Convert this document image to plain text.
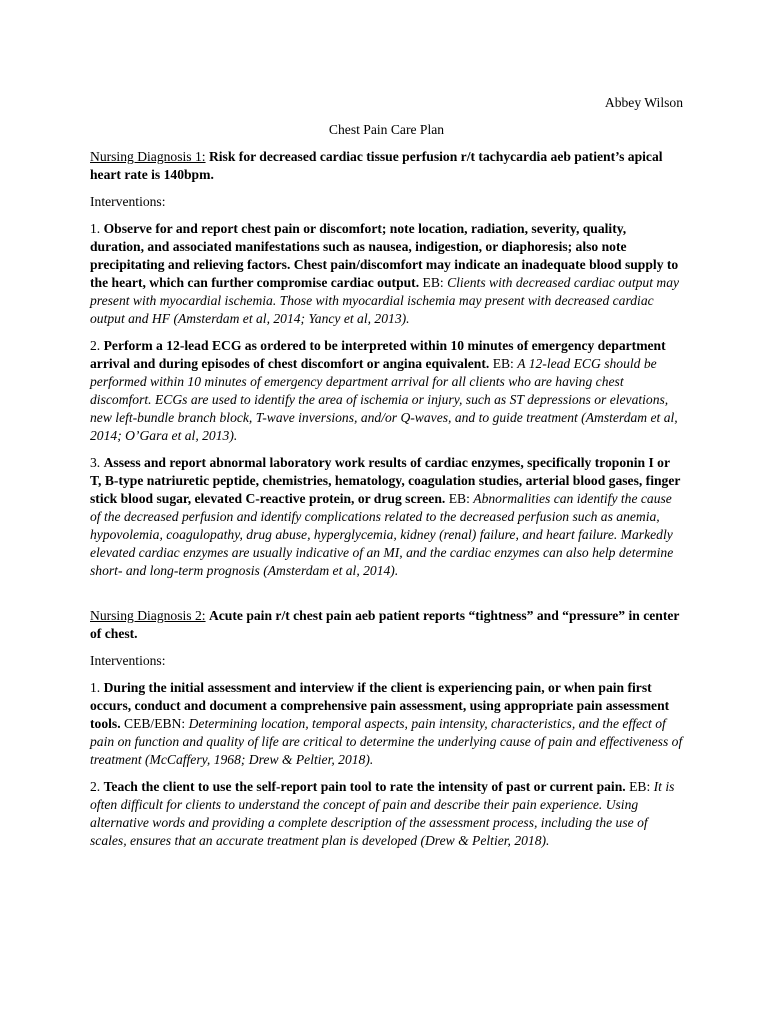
Abbey Wilson

Chest Pain Care Plan

Nursing Diagnosis 1: Risk for decreased cardiac tissue perfusion r/t tachycardia aeb patient’s apical heart rate is 140bpm.

Interventions:

1. Observe for and report chest pain or discomfort; note location, radiation, severity, quality, duration, and associated manifestations such as nausea, indigestion, or diaphoresis; also note precipitating and relieving factors. Chest pain/discomfort may indicate an inadequate blood supply to the heart, which can further compromise cardiac output. EB: Clients with decreased cardiac output may present with myocardial ischemia. Those with myocardial ischemia may present with decreased cardiac output and HF (Amsterdam et al, 2014; Yancy et al, 2013).

2. Perform a 12-lead ECG as ordered to be interpreted within 10 minutes of emergency department arrival and during episodes of chest discomfort or angina equivalent. EB: A 12-lead ECG should be performed within 10 minutes of emergency department arrival for all clients who are having chest discomfort. ECGs are used to identify the area of ischemia or injury, such as ST depressions or elevations, new left-bundle branch block, T-wave inversions, and/or Q-waves, and to guide treatment (Amsterdam et al, 2014; O’Gara et al, 2013).

3. Assess and report abnormal laboratory work results of cardiac enzymes, specifically troponin I or T, B-type natriuretic peptide, chemistries, hematology, coagulation studies, arterial blood gases, finger stick blood sugar, elevated C-reactive protein, or drug screen. EB: Abnormalities can identify the cause of the decreased perfusion and identify complications related to the decreased perfusion such as anemia, hypovolemia, coagulopathy, drug abuse, hyperglycemia, kidney (renal) failure, and heart failure. Markedly elevated cardiac enzymes are usually indicative of an MI, and the cardiac enzymes can also help determine short- and long-term prognosis (Amsterdam et al, 2014).

Nursing Diagnosis 2: Acute pain r/t chest pain aeb patient reports “tightness” and “pressure” in center of chest.

Interventions:

1. During the initial assessment and interview if the client is experiencing pain, or when pain first occurs, conduct and document a comprehensive pain assessment, using appropriate pain assessment tools. CEB/EBN: Determining location, temporal aspects, pain intensity, characteristics, and the effect of pain on function and quality of life are critical to determine the underlying cause of pain and effectiveness of treatment (McCaffery, 1968; Drew & Peltier, 2018).

2. Teach the client to use the self-report pain tool to rate the intensity of past or current pain. EB: It is often difficult for clients to understand the concept of pain and describe their pain experience. Using alternative words and providing a complete description of the assessment process, including the use of scales, ensures that an accurate treatment plan is developed (Drew & Peltier, 2018).
